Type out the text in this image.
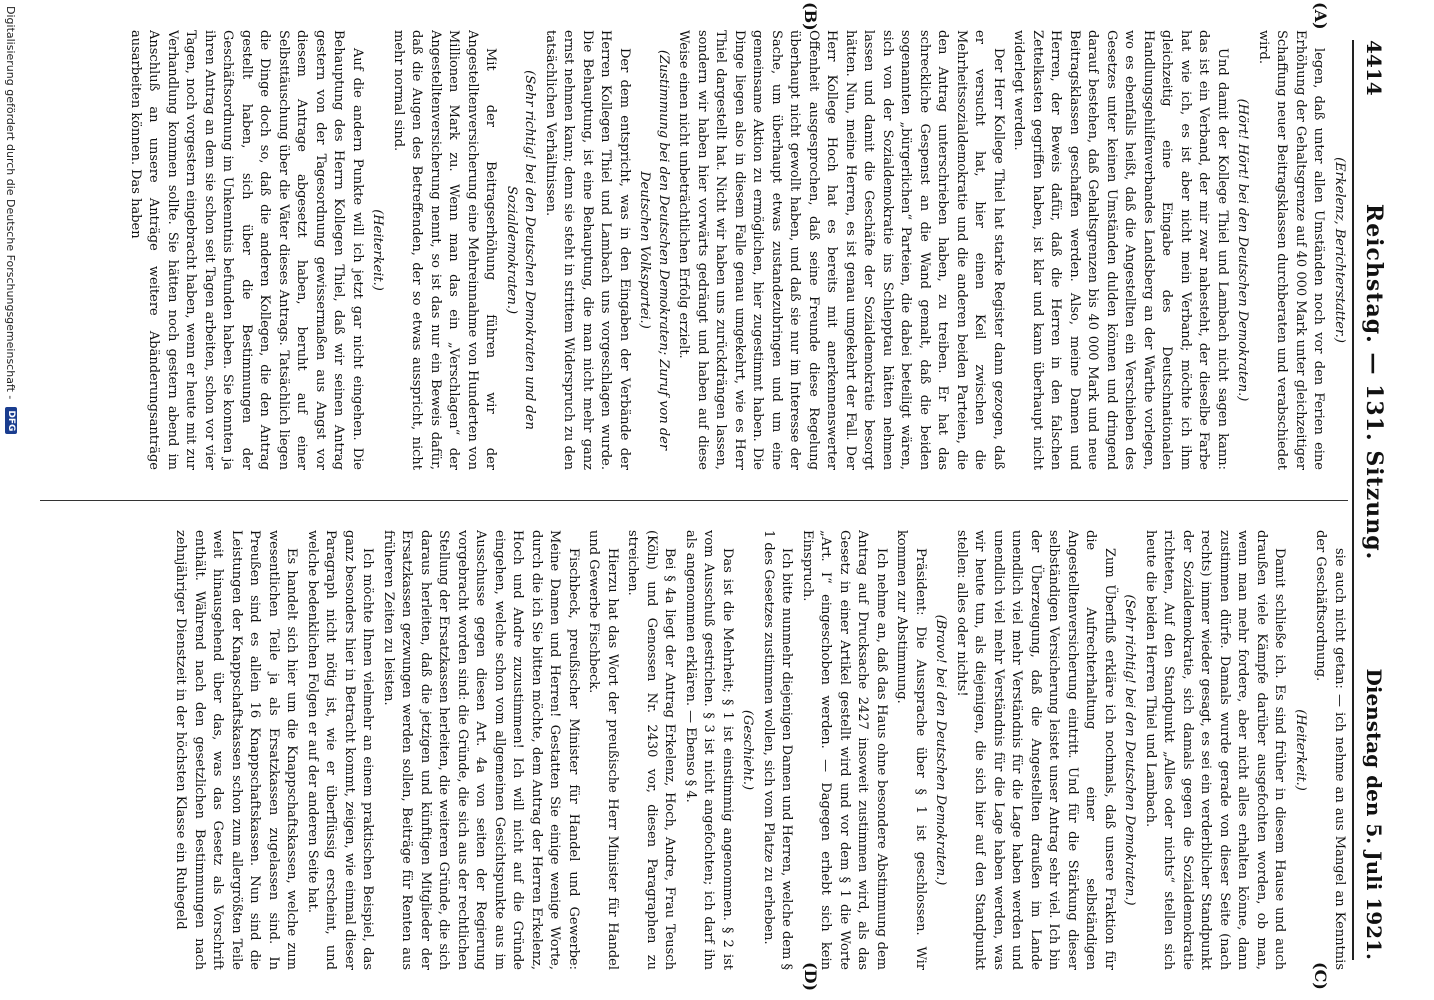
4414
Reichstag. — 131. Sitzung.
Dienstag den 5. Juli 1921.
(A)
(B)
(C)
(D)

(Erkelenz, Berichterstatter.)

legen, daß unter allen Umständen noch vor den Ferien eine Erhöhung der Gehaltsgrenze auf 40 000 Mark unter gleichzeitiger Schaffung neuer Beitragsklassen durchberaten und verabschiedet wird.

(Hört! Hört! bei den Deutschen Demokraten.)

Und damit der Kollege Thiel und Lambach nicht sagen kann: das ist ein Verband, der mir zwar nahesteht, der dieselbe Farbe hat wie ich, es ist aber nicht mein Verband; möchte ich ihm gleichzeitig eine Eingabe des Deutschnationalen Handlungsgehilfenverbandes Landsberg an der Warthe vorlegen, wo es ebenfalls heißt, daß die Angestellten ein Verschieben des Gesetzes unter keinen Umständen dulden können und dringend darauf bestehen, daß Gehaltsgrenzen bis 40 000 Mark und neue Beitragsklassen geschaffen werden. Also, meine Damen und Herren, der Beweis dafür, daß die Herren in den falschen Zettelkasten gegriffen haben, ist klar und kann überhaupt nicht widerlegt werden.

Der Herr Kollege Thiel hat starke Register dann gezogen, daß er versucht hat, hier einen Keil zwischen die Mehrheitssozialdemokratie und die anderen beiden Parteien, die den Antrag unterschrieben haben, zu treiben. Er hat das schreckliche Gespenst an die Wand gemalt, daß die beiden sogenannten „bürgerlichen“ Parteien, die dabei beteiligt wären, sich von der Sozialdemokratie ins Schlepptau hätten nehmen lassen und damit die Geschäfte der Sozialdemokratie besorgt hätten. Nun, meine Herren, es ist genau umgekehrt der Fall. Der Herr Kollege Hoch hat es bereits mit anerkennenswerter Offenheit ausgesprochen, daß seine Freunde diese Regelung überhaupt nicht gewollt haben, und daß sie nur im Interesse der Sache, um überhaupt etwas zustandezubringen und um eine gemeinsame Aktion zu ermöglichen, hier zugestimmt haben. Die Dinge liegen also in diesem Falle genau umgekehrt, wie es Herr Thiel dargestellt hat. Nicht wir haben uns zurückdrängen lassen, sondern wir haben hier vorwärts gedrängt und haben auf diese Weise einen nicht unbeträchtlichen Erfolg erzielt.

(Zustimmung bei den Deutschen Demokraten; Zuruf von der Deutschen Volkspartei.)

Der dem entspricht, was in den Eingaben der Verbände der Herren Kollegen Thiel und Lambach uns vorgeschlagen wurde. Die Behauptung, ist eine Behauptung, die man nicht mehr ganz ernst nehmen kann; denn sie steht in strittem Widerspruch zu den tatsächlichen Verhältnissen.

(Sehr richtig! bei den Deutschen Demokraten und den Sozialdemokraten.)

Mit der Beitragserhöhung führen wir der Angestelltenversicherung eine Mehreinnahme von Hunderten von Millionen Mark zu. Wenn man das ein „Verschlagen“ der Angestelltenversicherung nennt, so ist das nur ein Beweis dafür, daß die Augen des Betreffenden, der so etwas ausspricht, nicht mehr normal sind.

(Heiterkeit.)

Auf die andern Punkte will ich jetzt gar nicht eingehen. Die Behauptung des Herrn Kollegen Thiel, daß wir seinen Antrag gestern von der Tagesordnung gewissermaßen aus Angst vor diesem Antrage abgesetzt haben, beruht auf einer Selbsttäuschung über die Väter dieses Antrags. Tatsächlich liegen die Dinge doch so, daß die anderen Kollegen, die den Antrag gestellt haben, sich über die Bestimmungen der Geschäftsordnung im Unkenntnis befunden haben. Sie konnten ja ihren Antrag an dem sie schon seit Tagen arbeiten, schon vor vier Tagen, noch vorgestern eingebracht haben, wenn er heute mit zur Verhandlung kommen sollte. Sie hätten noch gestern abend im Anschluß an unsere Anträge weitere Abänderungsanträge ausarbeiten können. Das haben

sie auch nicht getan: — ich nehme an aus Mangel an Kenntnis der Geschäftsordnung.

(Heiterkeit.)

Damit schließe ich. Es sind früher in diesem Hause und auch draußen viele Kämpfe darüber ausgefochten worden, ob man, wenn man mehr fordere, aber nicht alles erhalten könne, dann zustimmen dürfe. Damals wurde gerade von dieser Seite (nach rechts) immer wieder gesagt, es sei ein verderblicher Standpunkt der Sozialdemokratie, sich damals gegen die Sozialdemokratie richteten, Auf den Standpunkt „Alles oder nichts“ stellen sich heute die beiden Herren Thiel und Lambach.

(Sehr richtig! bei den Deutschen Demokraten.)

Zum Überfluß erkläre ich nochmals, daß unsere Fraktion für die Aufrechterhaltung einer selbständigen Angestelltenversicherung eintritt. Und für die Stärkung dieser selbständigen Versicherung leistet unser Antrag sehr viel. Ich bin der Überzeugung, daß die Angestellten draußen im Lande unendlich viel mehr Verständnis für die Lage haben werden und unendlich viel mehr Verständnis für die Lage haben werden, was wir heute tun, als diejenigen, die sich hier auf den Standpunkt stellen: alles oder nichts!

(Bravo! bei den Deutschen Demokraten.)

Präsident: Die Aussprache über § 1 ist geschlossen. Wir kommen zur Abstimmung.

Ich nehme an, daß das Haus ohne besondere Abstimmung dem Antrag auf Drucksache 2427 insoweit zustimmen wird, als das Gesetz in einer Artikel gestellt wird und vor dem § 1 die Worte „Art. I“ eingeschoben werden. — Dagegen erhebt sich kein Einspruch.

Ich bitte nunmehr diejenigen Damen und Herren, welche dem § 1 des Gesetzes zustimmen wollen, sich vom Platze zu erheben.

(Geschieht.)

Das ist die Mehrheit; § 1 ist einstimmig angenommen. § 2 ist vom Ausschuß gestrichen. § 3 ist nicht angefochten; ich darf ihn als angenommen erklären. — Ebenso § 4.

Bei § 4a liegt der Antrag Erkelenz, Hoch, Andre, Frau Teusch (Köln) und Genossen Nr. 2430 vor, diesen Paragraphen zu streichen.

Hierzu hat das Wort der preußische Herr Minister für Handel und Gewerbe Fischbeck.

Fischbeck, preußischer Minister für Handel und Gewerbe: Meine Damen und Herren! Gestatten Sie einige wenige Worte, durch die ich Sie bitten möchte, dem Antrag der Herren Erkelenz, Hoch und Andre zuzustimmen! Ich will nicht auf die Gründe eingehen, welche schon vom allgemeinen Gesichtspunkte aus im Ausschusse gegen diesen Art. 4a von seiten der Regierung vorgebracht worden sind: die Gründe, die sich aus der rechtlichen Stellung der Ersatzkassen herleiten, die weiteren Gründe, die sich daraus herleiten, daß die jetzigen und künftigen Mitglieder der Ersatzkassen gezwungen werden sollen, Beiträge für Renten aus früheren Zeiten zu leisten.

Ich möchte Ihnen vielmehr an einem praktischen Beispiel, das ganz besonders hier in Betracht kommt, zeigen, wie einmal dieser Paragraph nicht nötig ist, wie er überflüssig erscheint, und welche bedenklichen Folgen er auf der anderen Seite hat.

Es handelt sich hier um die Knappschaftskassen, welche zum wesentlichen Teile ja als Ersatzkassen zugelassen sind. In Preußen sind es allein 16 Knappschaftskassen. Nun sind die Leistungen der Knappschaftskassen schon zum allergrößten Teile weit hinausgehend über das, was das Gesetz als Vorschrift enthält. Während nach den gesetzlichen Bestimmungen nach zehnjähriger Dienstzeit in der höchsten Klasse ein Ruhegeld

Digitalisierung gefördert durch die Deutsche Forschungsgemeinschaft -
DFG
